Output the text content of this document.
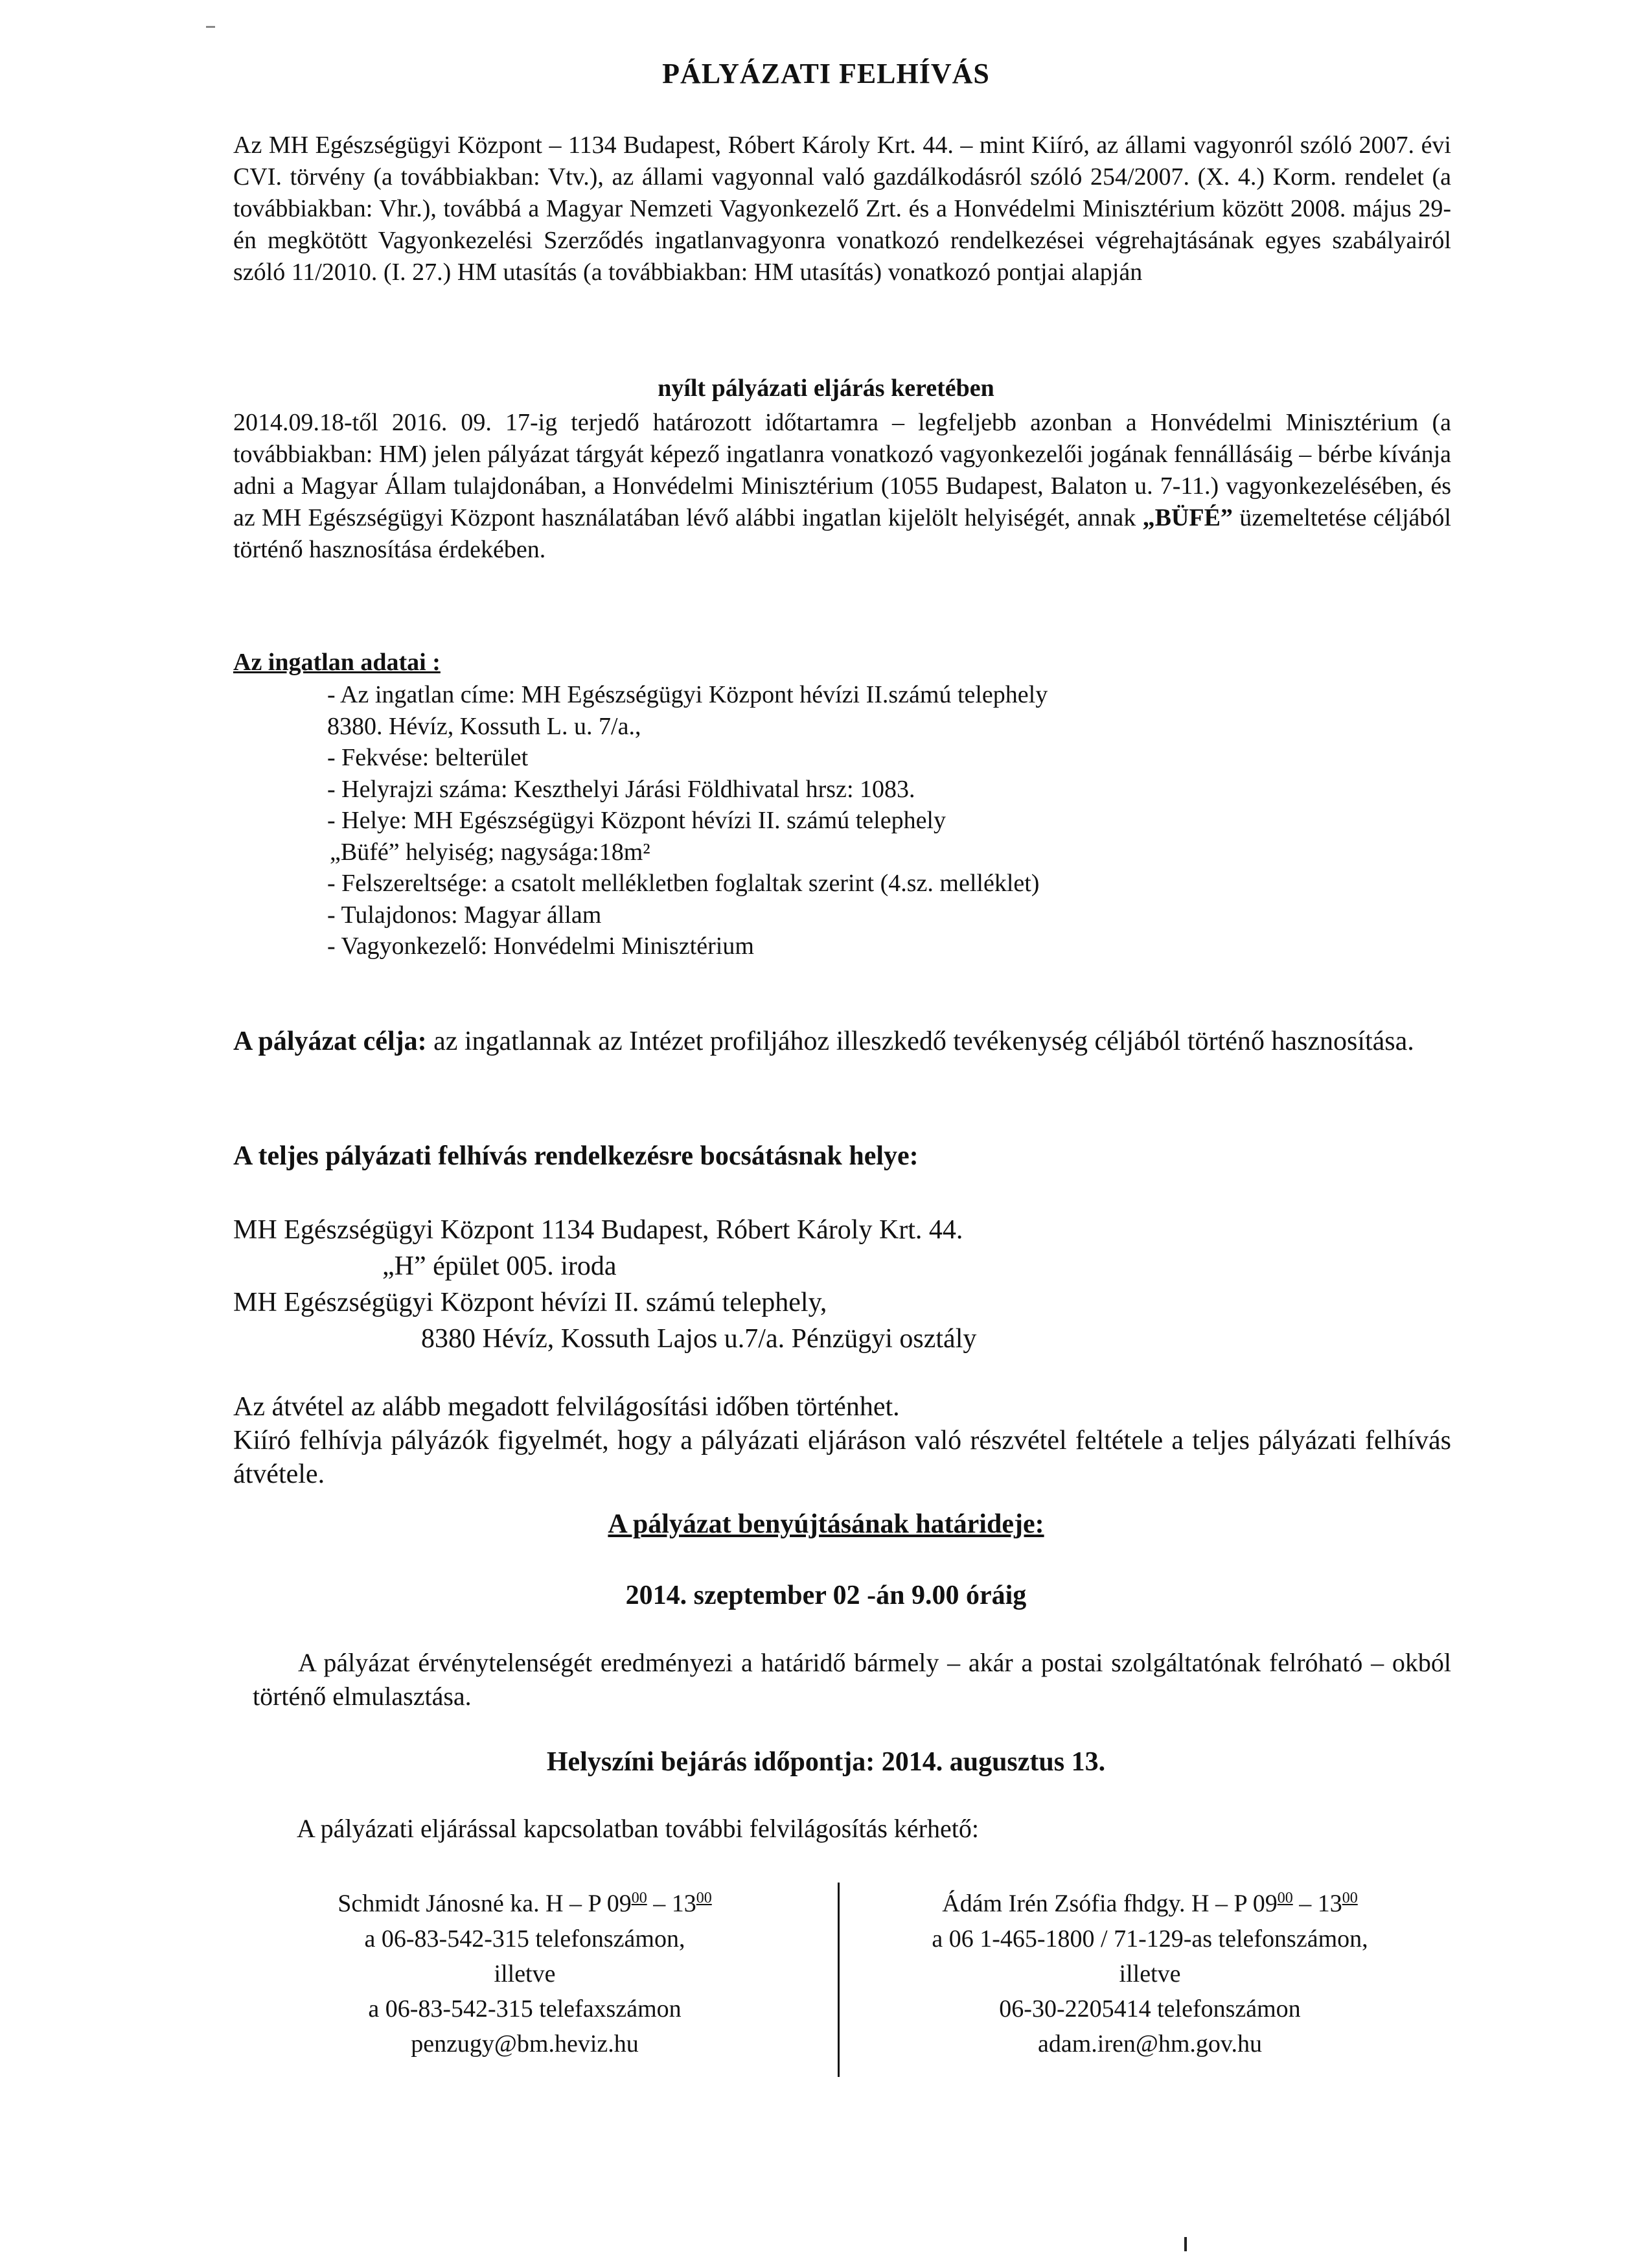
PÁLYÁZATI FELHÍVÁS
Az MH Egészségügyi Központ – 1134 Budapest, Róbert Károly Krt. 44. – mint Kiíró, az állami vagyonról szóló 2007. évi CVI. törvény (a továbbiakban: Vtv.), az állami vagyonnal való gazdálkodásról szóló 254/2007. (X. 4.) Korm. rendelet (a továbbiakban: Vhr.), továbbá a Magyar Nemzeti Vagyonkezelő Zrt. és a Honvédelmi Minisztérium között 2008. május 29-én megkötött Vagyonkezelési Szerződés ingatlanvagyonra vonatkozó rendelkezései végrehajtásának egyes szabályairól szóló 11/2010. (I. 27.) HM utasítás (a továbbiakban: HM utasítás) vonatkozó pontjai alapján
nyílt pályázati eljárás keretében
2014.09.18-től 2016. 09. 17-ig terjedő határozott időtartamra – legfeljebb azonban a Honvédelmi Minisztérium (a továbbiakban: HM) jelen pályázat tárgyát képező ingatlanra vonatkozó vagyonkezelői jogának fennállásáig – bérbe kívánja adni a Magyar Állam tulajdonában, a Honvédelmi Minisztérium (1055 Budapest, Balaton u. 7-11.) vagyonkezelésében, és az MH Egészségügyi Központ használatában lévő alábbi ingatlan kijelölt helyiségét, annak „BÜFÉ” üzemeltetése céljából történő hasznosítása érdekében.
Az ingatlan adatai :
- Az ingatlan címe: MH Egészségügyi Központ hévízi II.számú telephely
8380. Hévíz, Kossuth L. u. 7/a.,
- Fekvése: belterület
- Helyrajzi száma: Keszthelyi Járási Földhivatal hrsz: 1083.
- Helye: MH Egészségügyi Központ hévízi II. számú telephely
„Büfé” helyiség; nagysága:18m²
- Felszereltsége: a csatolt mellékletben foglaltak szerint (4.sz. melléklet)
- Tulajdonos: Magyar állam
- Vagyonkezelő: Honvédelmi Minisztérium
A pályázat célja: az ingatlannak az Intézet profiljához illeszkedő tevékenység céljából történő hasznosítása.
A teljes pályázati felhívás rendelkezésre bocsátásnak helye:
MH Egészségügyi Központ 1134 Budapest, Róbert Károly Krt. 44.
„H” épület 005. iroda
MH Egészségügyi Központ hévízi II. számú telephely,
8380 Hévíz, Kossuth Lajos u.7/a. Pénzügyi osztály
Az átvétel az alább megadott felvilágosítási időben történhet.
Kiíró felhívja pályázók figyelmét, hogy a pályázati eljáráson való részvétel feltétele a teljes pályázati felhívás átvétele.
A pályázat benyújtásának határideje:
2014. szeptember 02 -án 9.00 óráig
A pályázat érvénytelenségét eredményezi a határidő bármely – akár a postai szolgáltatónak felróható – okból történő elmulasztása.
Helyszíni bejárás időpontja: 2014. augusztus 13.
A pályázati eljárással kapcsolatban további felvilágosítás kérhető:
Schmidt Jánosné ka. H – P $09^{00} - 13^{00}$
a 06-83-542-315 telefonszámon,
illetve
a 06-83-542-315 telefaxszámon
penzugy@bm.heviz.hu
Ádám Irén Zsófia fhdgy. H – P $09^{00} - 13^{00}$
a 06 1-465-1800 / 71-129-as telefonszámon,
illetve
06-30-2205414 telefonszámon
adam.iren@hm.gov.hu
